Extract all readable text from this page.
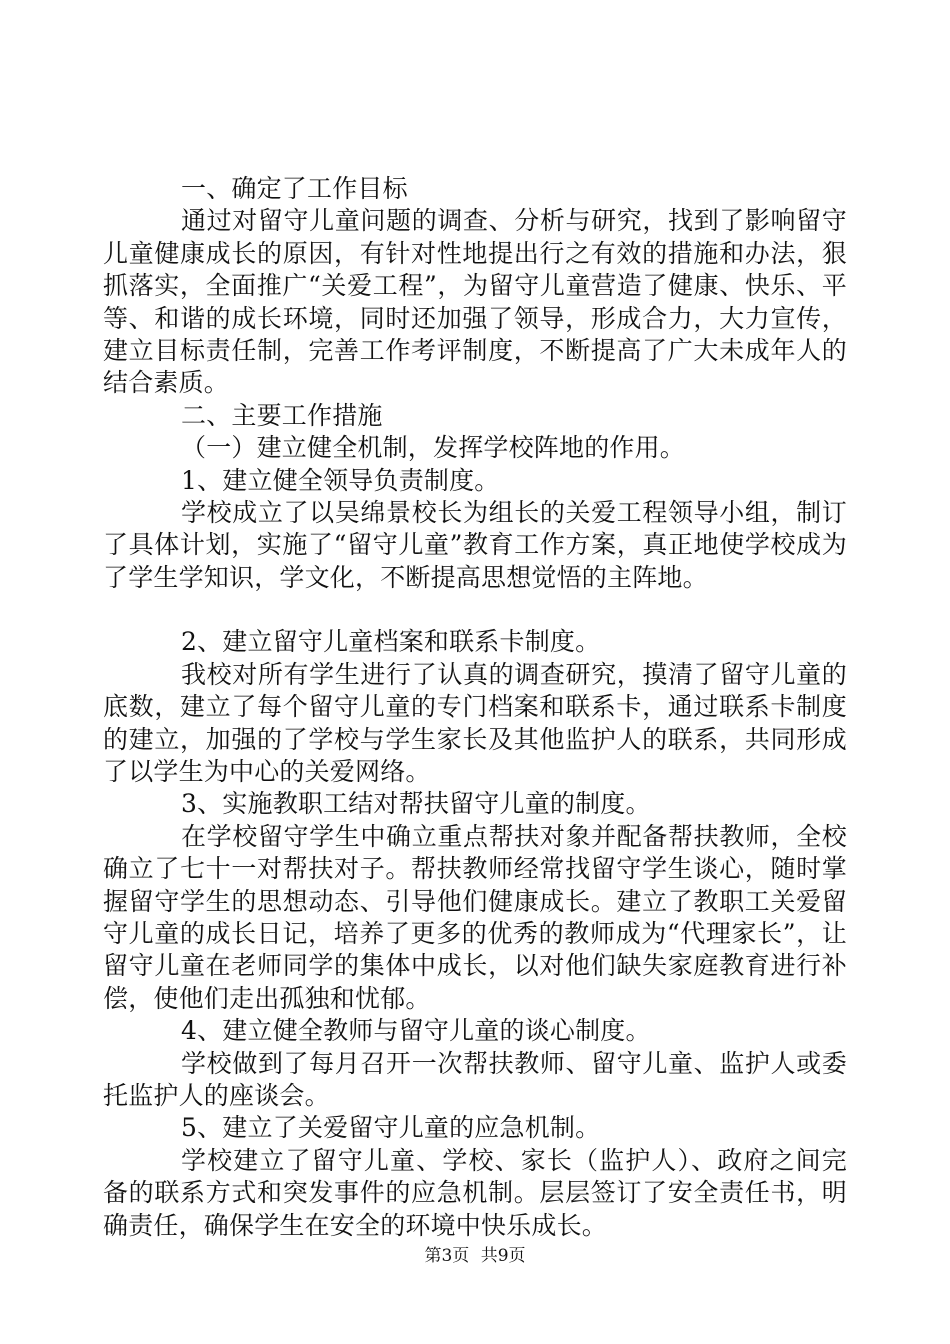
一、确定了工作目标

通过对留守儿童问题的调查、分析与研究，找到了影响留守儿童健康成长的原因，有针对性地提出行之有效的措施和办法，狠抓落实，全面推广“关爱工程”，为留守儿童营造了健康、快乐、平等、和谐的成长环境，同时还加强了领导，形成合力，大力宣传，建立目标责任制，完善工作考评制度，不断提高了广大未成年人的结合素质。

二、主要工作措施

（一）建立健全机制，发挥学校阵地的作用。

1、建立健全领导负责制度。

学校成立了以吴绵景校长为组长的关爱工程领导小组，制订了具体计划，实施了“留守儿童”教育工作方案，真正地使学校成为了学生学知识，学文化，不断提高思想觉悟的主阵地。

2、建立留守儿童档案和联系卡制度。

我校对所有学生进行了认真的调查研究，摸清了留守儿童的底数，建立了每个留守儿童的专门档案和联系卡，通过联系卡制度的建立，加强的了学校与学生家长及其他监护人的联系，共同形成了以学生为中心的关爱网络。

3、实施教职工结对帮扶留守儿童的制度。

在学校留守学生中确立重点帮扶对象并配备帮扶教师，全校确立了七十一对帮扶对子。帮扶教师经常找留守学生谈心，随时掌握留守学生的思想动态、引导他们健康成长。建立了教职工关爱留守儿童的成长日记，培养了更多的优秀的教师成为“代理家长”，让留守儿童在老师同学的集体中成长，以对他们缺失家庭教育进行补偿，使他们走出孤独和忧郁。

4、建立健全教师与留守儿童的谈心制度。

学校做到了每月召开一次帮扶教师、留守儿童、监护人或委托监护人的座谈会。

5、建立了关爱留守儿童的应急机制。

学校建立了留守儿童、学校、家长（监护人）、政府之间完备的联系方式和突发事件的应急机制。层层签订了安全责任书，明确责任，确保学生在安全的环境中快乐成长。

第3页 共9页
